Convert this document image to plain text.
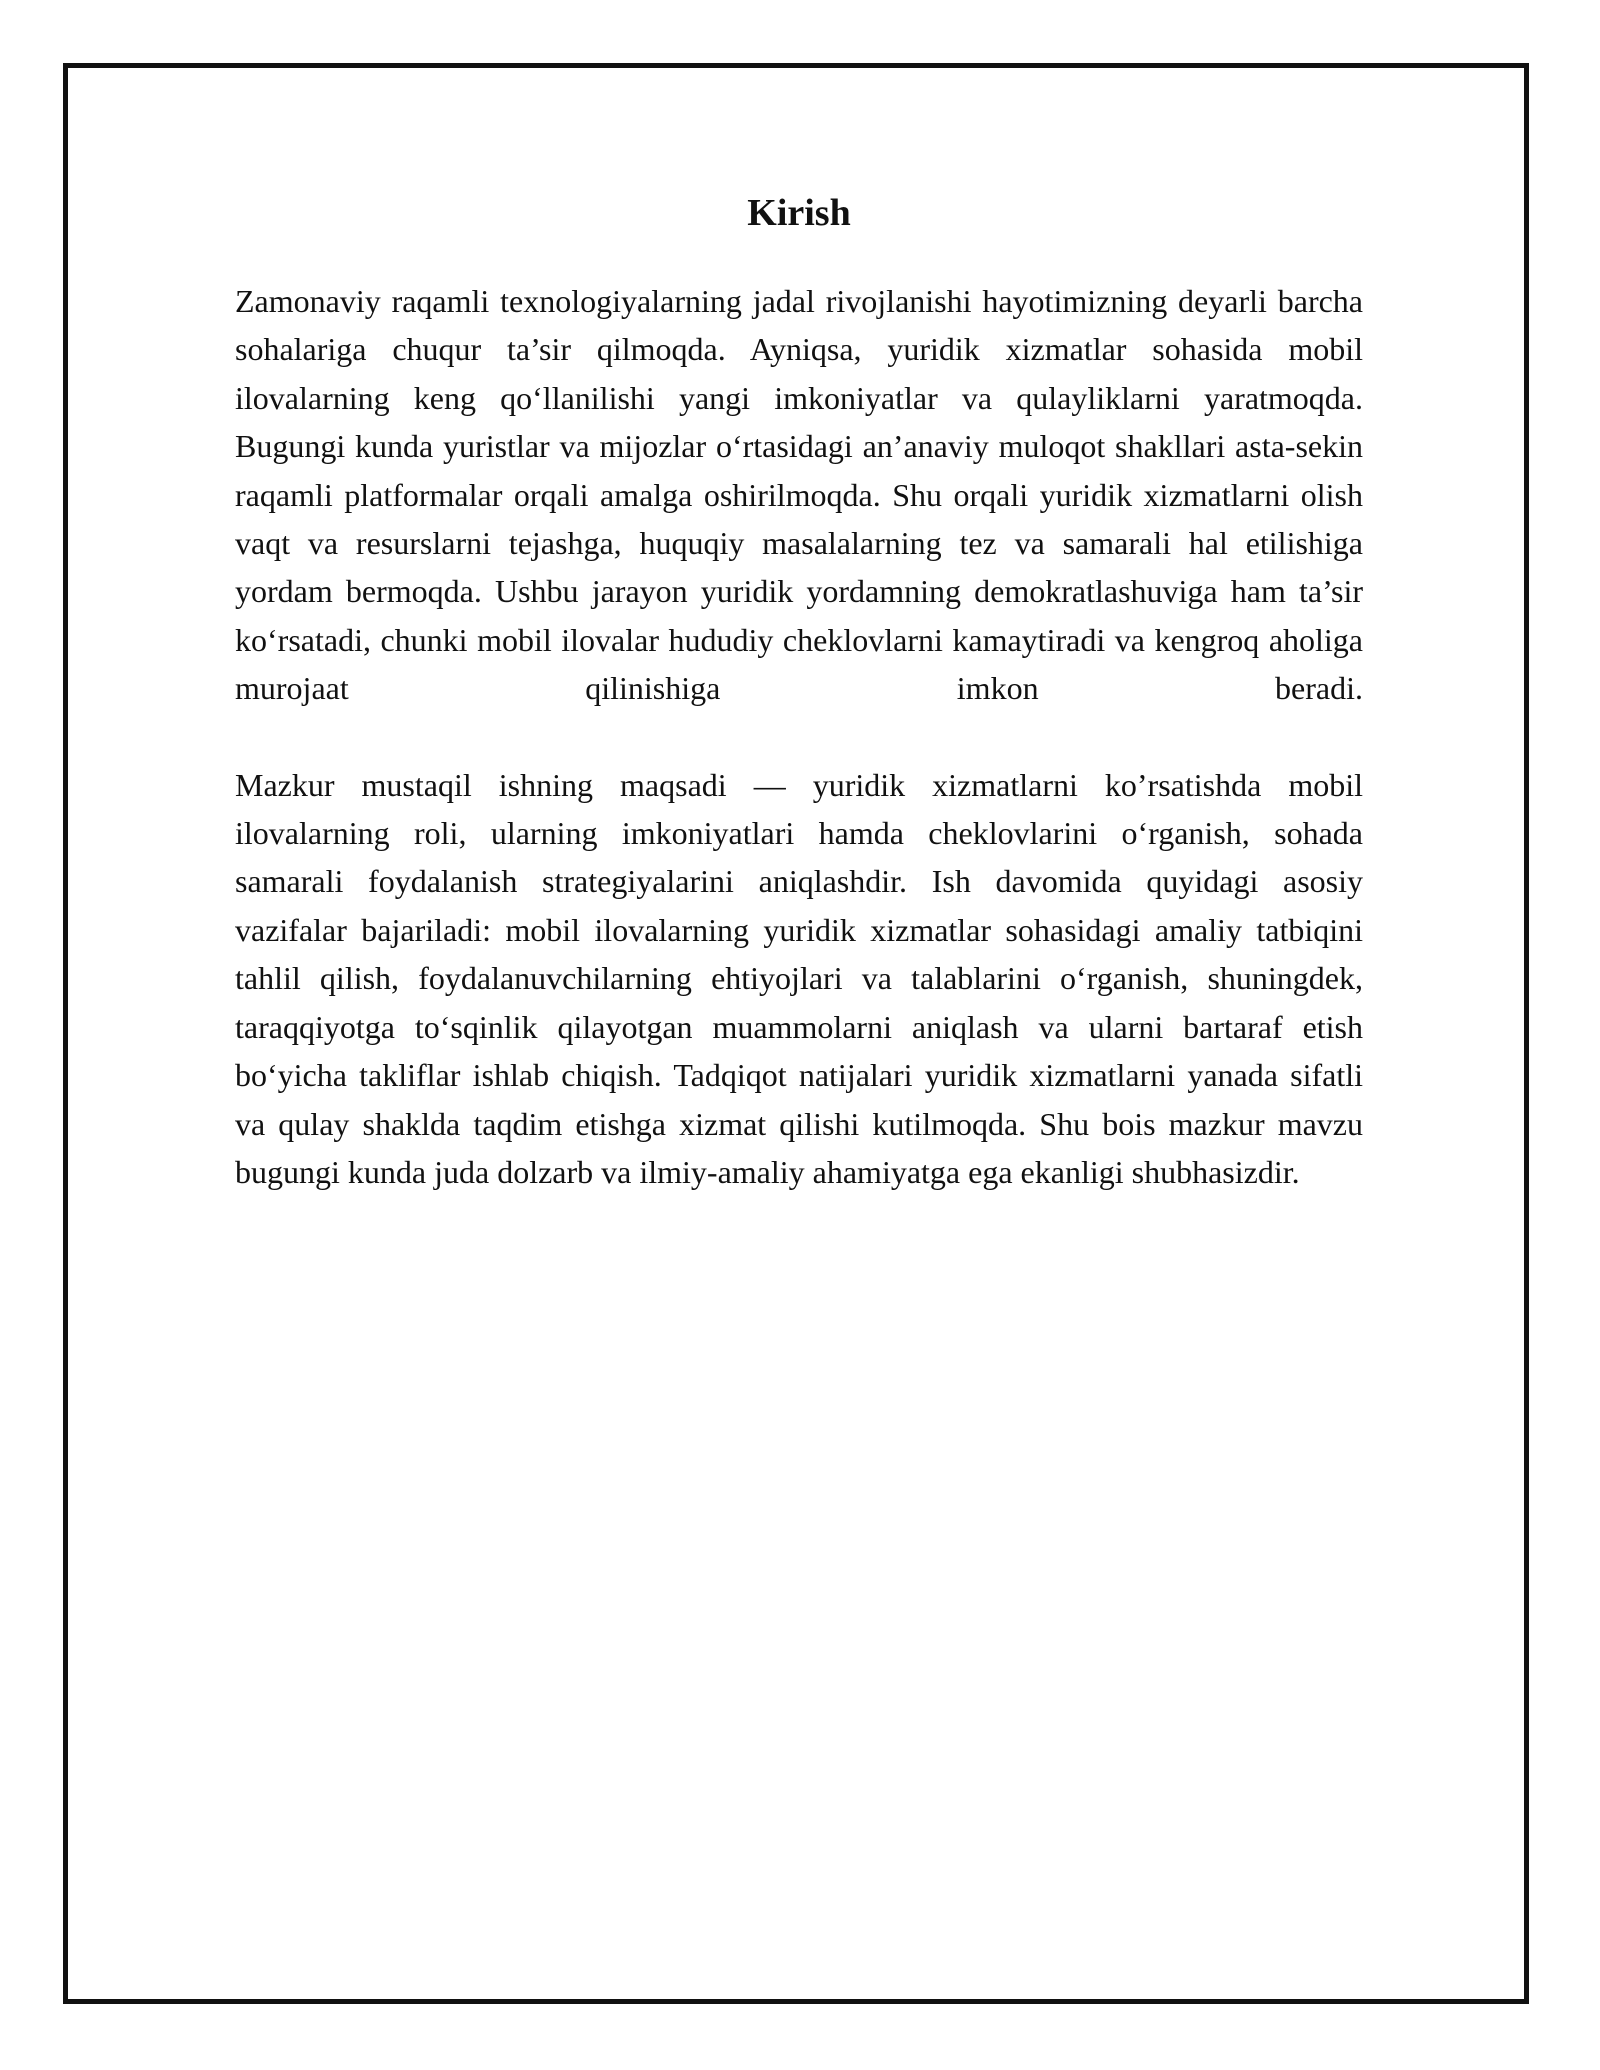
Kirish

Zamonaviy raqamli texnologiyalarning jadal rivojlanishi hayotimizning deyarli barcha sohalariga chuqur ta’sir qilmoqda. Ayniqsa, yuridik xizmatlar sohasida mobil ilovalarning keng qo‘llanilishi yangi imkoniyatlar va qulayliklarni yaratmoqda. Bugungi kunda yuristlar va mijozlar o‘rtasidagi an’anaviy muloqot shakllari asta-sekin raqamli platformalar orqali amalga oshirilmoqda. Shu orqali yuridik xizmatlarni olish vaqt va resurslarni tejashga, huquqiy masalalarning tez va samarali hal etilishiga yordam bermoqda. Ushbu jarayon yuridik yordamning demokratlashuviga ham ta’sir ko‘rsatadi, chunki mobil ilovalar hududiy cheklovlarni kamaytiradi va kengroq aholiga murojaat qilinishiga imkon beradi.

Mazkur mustaqil ishning maqsadi — yuridik xizmatlarni ko’rsatishda mobil ilovalarning roli, ularning imkoniyatlari hamda cheklovlarini o‘rganish, sohada samarali foydalanish strategiyalarini aniqlashdir. Ish davomida quyidagi asosiy vazifalar bajariladi: mobil ilovalarning yuridik xizmatlar sohasidagi amaliy tatbiqini tahlil qilish, foydalanuvchilarning ehtiyojlari va talablarini o‘rganish, shuningdek, taraqqiyotga to‘sqinlik qilayotgan muammolarni aniqlash va ularni bartaraf etish bo‘yicha takliflar ishlab chiqish. Tadqiqot natijalari yuridik xizmatlarni yanada sifatli va qulay shaklda taqdim etishga xizmat qilishi kutilmoqda. Shu bois mazkur mavzu bugungi kunda juda dolzarb va ilmiy-amaliy ahamiyatga ega ekanligi shubhasizdir.
